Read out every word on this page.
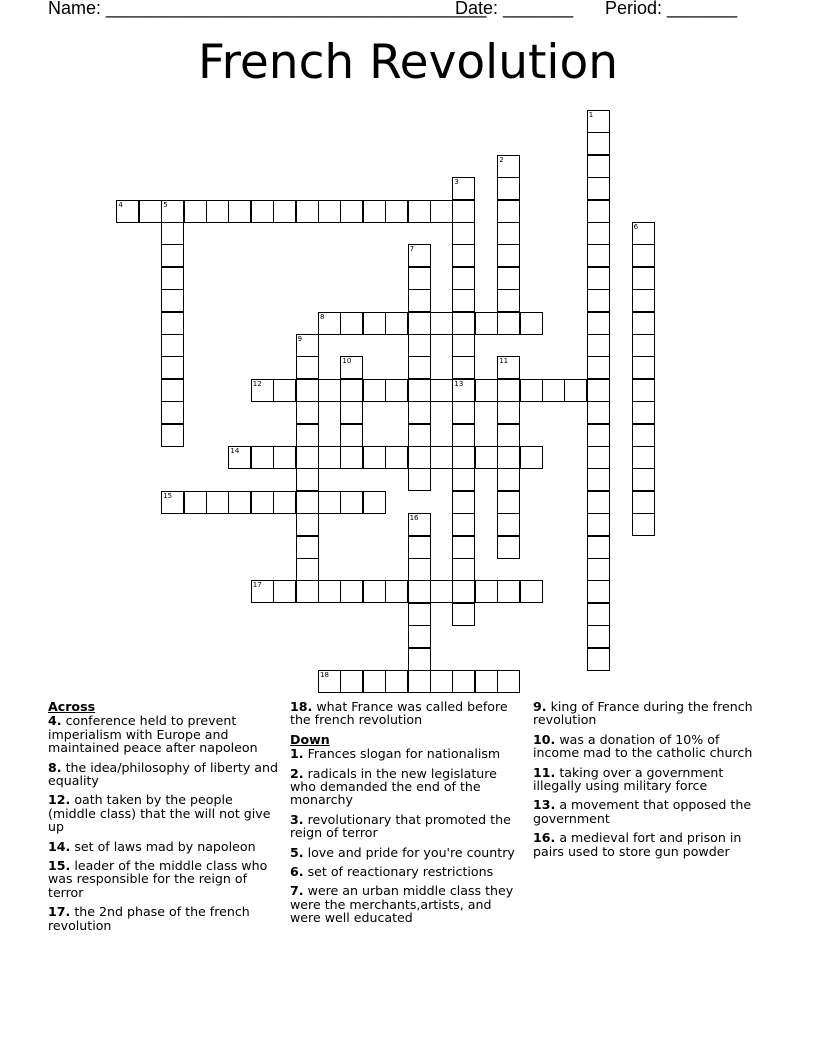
Name: ______________________________________
Date: _______ Period: _______
French Revolution
1
2
3
13
4	5
6
7
8
9
10	11
12
14
15
16
17
18
Across
4. conference held to prevent imperialism with Europe and maintained peace after napoleon
8. the idea/philosophy of liberty and equality
12. oath taken by the people (middle class) that the will not give up
14. set of laws mad by napoleon
15. leader of the middle class who was responsible for the reign of terror
17. the 2nd phase of the french revolution
18. what France was called before the french revolution
Down
1. Frances slogan for nationalism
2. radicals in the new legislature who demanded the end of the monarchy
3. revolutionary that promoted the reign of terror
5. love and pride for you're country
6. set of reactionary restrictions
7. were an urban middle class they were the merchants,artists, and were well educated
9. king of France during the french revolution
10. was a donation of 10% of income mad to the catholic church
11. taking over a government illegally using military force
13. a movement that opposed the government
16. a medieval fort and prison in pairs used to store gun powder
